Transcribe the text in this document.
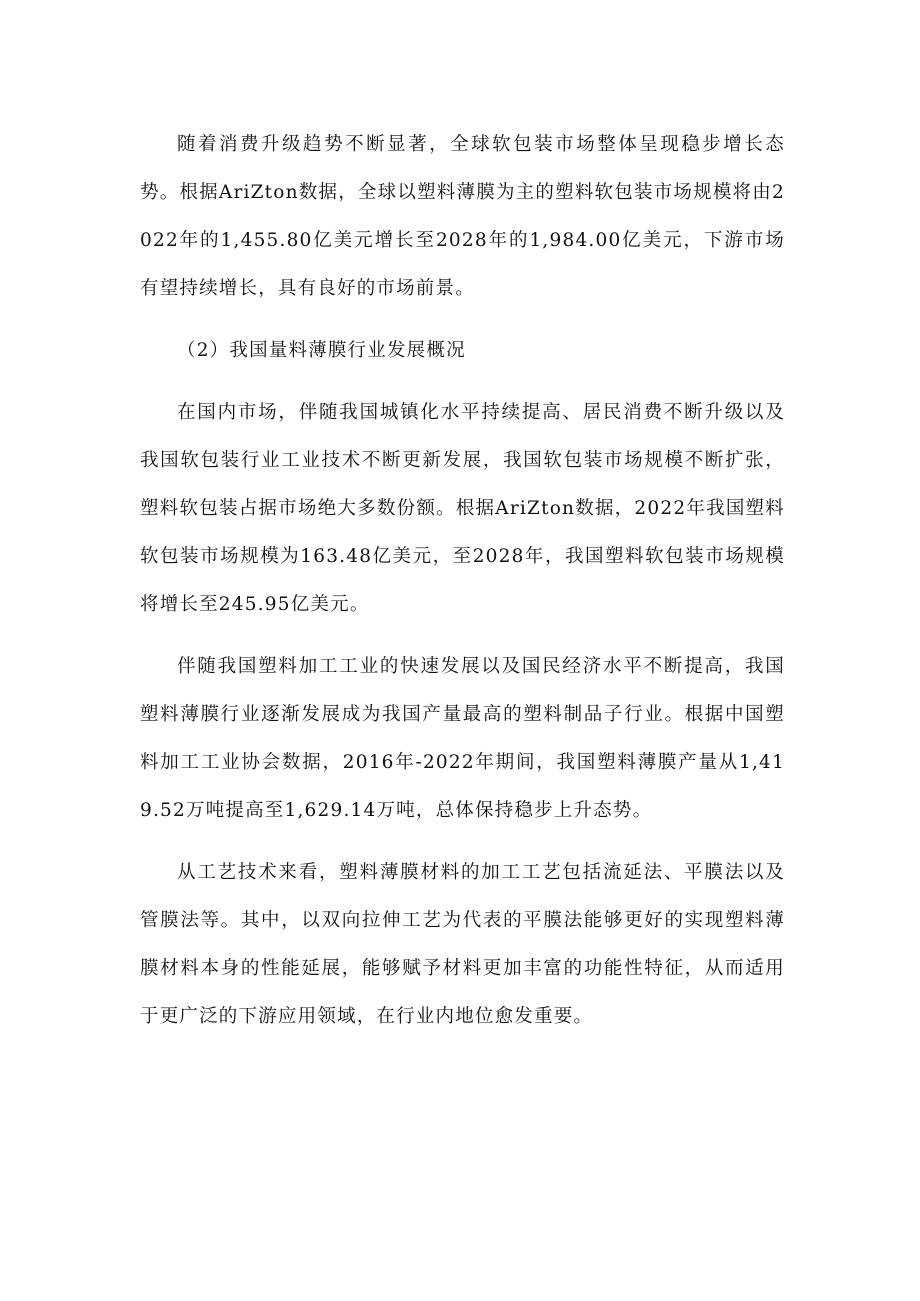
随着消费升级趋势不断显著，全球软包装市场整体呈现稳步增长态势。根据AriZton数据，全球以塑料薄膜为主的塑料软包装市场规模将由2022年的1,455.80亿美元增长至2028年的1,984.00亿美元，下游市场有望持续增长，具有良好的市场前景。

（2）我国量料薄膜行业发展概况

在国内市场，伴随我国城镇化水平持续提高、居民消费不断升级以及我国软包装行业工业技术不断更新发展，我国软包装市场规模不断扩张，塑料软包装占据市场绝大多数份额。根据AriZton数据，2022年我国塑料软包装市场规模为163.48亿美元，至2028年，我国塑料软包装市场规模将增长至245.95亿美元。

伴随我国塑料加工工业的快速发展以及国民经济水平不断提高，我国塑料薄膜行业逐渐发展成为我国产量最高的塑料制品子行业。根据中国塑料加工工业协会数据，2016年-2022年期间，我国塑料薄膜产量从1,419.52万吨提高至1,629.14万吨，总体保持稳步上升态势。

从工艺技术来看，塑料薄膜材料的加工工艺包括流延法、平膜法以及管膜法等。其中，以双向拉伸工艺为代表的平膜法能够更好的实现塑料薄膜材料本身的性能延展，能够赋予材料更加丰富的功能性特征，从而适用于更广泛的下游应用领域，在行业内地位愈发重要。
